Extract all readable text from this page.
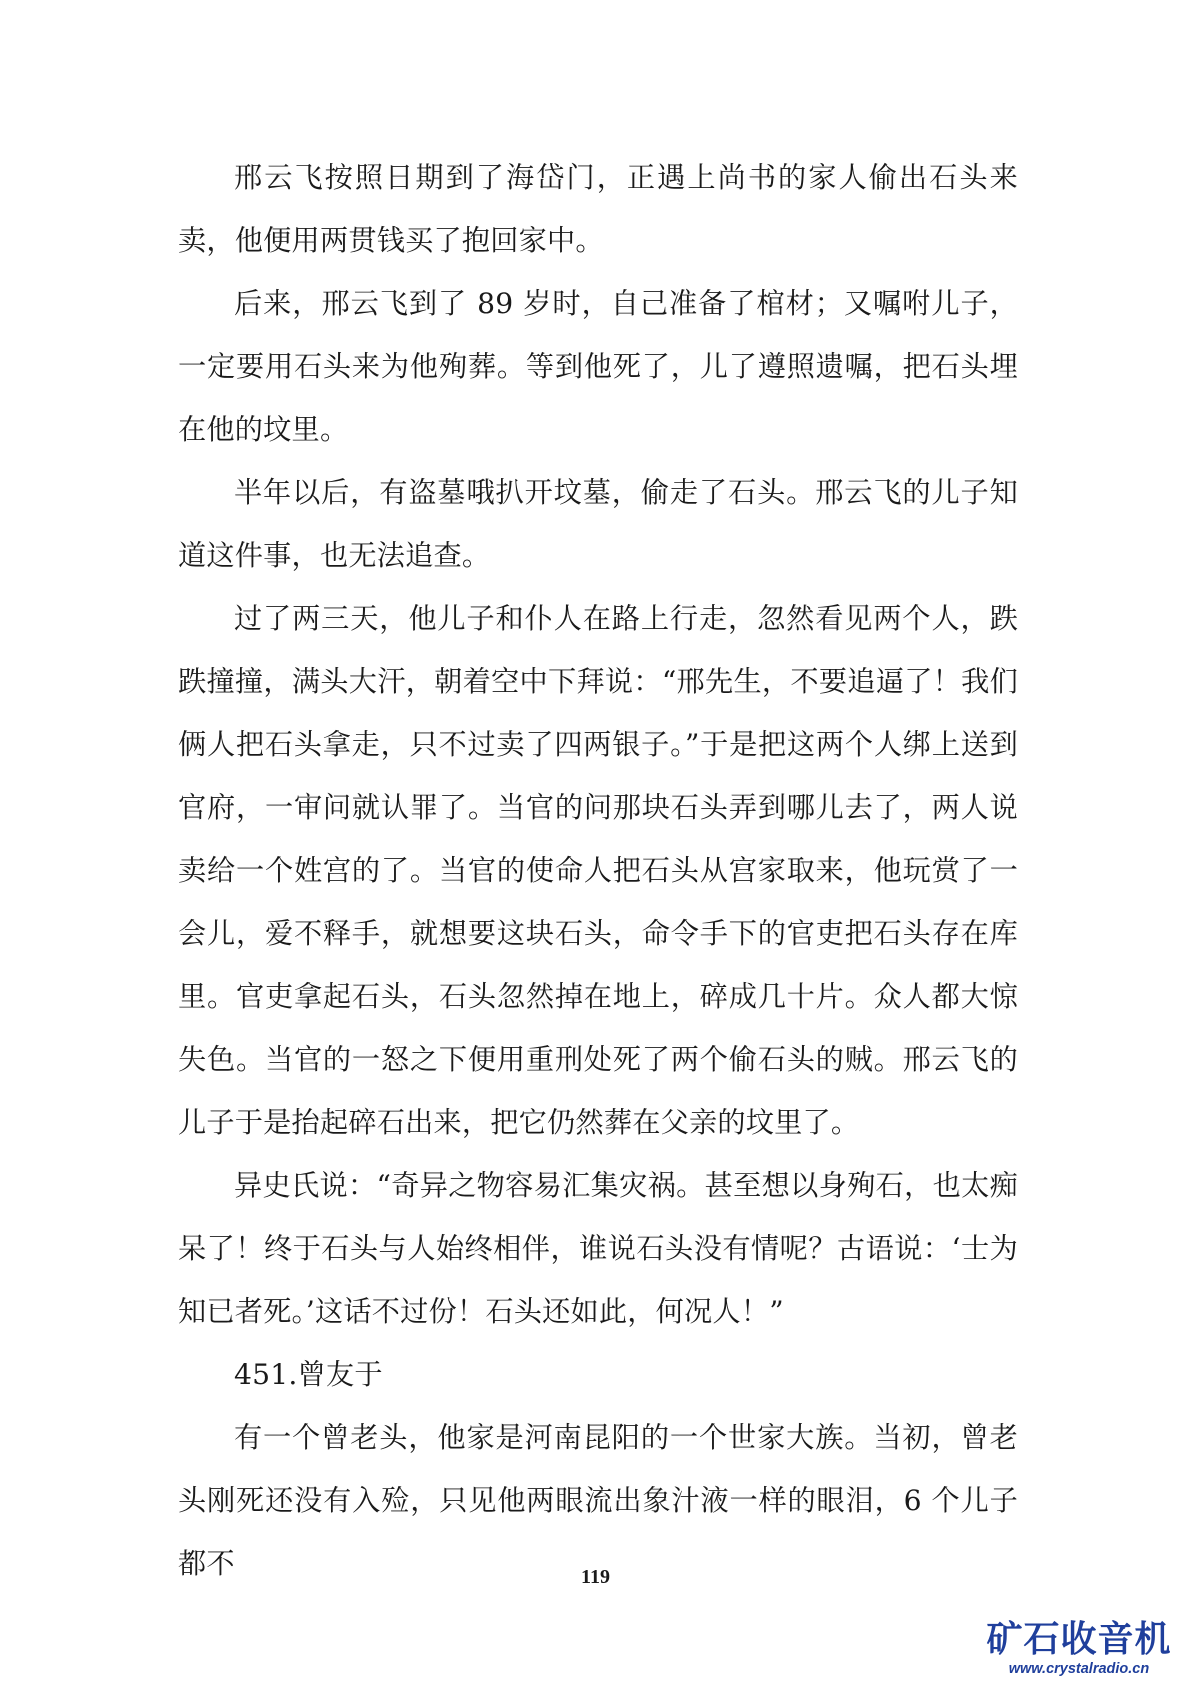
邢云飞按照日期到了海岱门，正遇上尚书的家人偷出石头来卖，他便用两贯钱买了抱回家中。

后来，邢云飞到了 89 岁时，自己准备了棺材；又嘱咐儿子，一定要用石头来为他殉葬。等到他死了，儿了遵照遗嘱，把石头埋在他的坟里。

半年以后，有盗墓哦扒开坟墓，偷走了石头。邢云飞的儿子知道这件事，也无法追查。

过了两三天，他儿子和仆人在路上行走，忽然看见两个人，跌跌撞撞，满头大汗，朝着空中下拜说：“邢先生，不要追逼了！我们俩人把石头拿走，只不过卖了四两银子。”于是把这两个人绑上送到官府，一审问就认罪了。当官的问那块石头弄到哪儿去了，两人说卖给一个姓宫的了。当官的使命人把石头从宫家取来，他玩赏了一会儿，爱不释手，就想要这块石头，命令手下的官吏把石头存在库里。官吏拿起石头，石头忽然掉在地上，碎成几十片。众人都大惊失色。当官的一怒之下便用重刑处死了两个偷石头的贼。邢云飞的儿子于是抬起碎石出来，把它仍然葬在父亲的坟里了。

异史氏说：“奇异之物容易汇集灾祸。甚至想以身殉石，也太痴呆了！终于石头与人始终相伴，谁说石头没有情呢？古语说：‘士为知已者死。’这话不过份！石头还如此，何况人！”

451.曾友于

有一个曾老头，他家是河南昆阳的一个世家大族。当初，曾老头刚死还没有入殓，只见他两眼流出象汁液一样的眼泪，6 个儿子都不	119
矿石收音机
www.crystalradio.cn
